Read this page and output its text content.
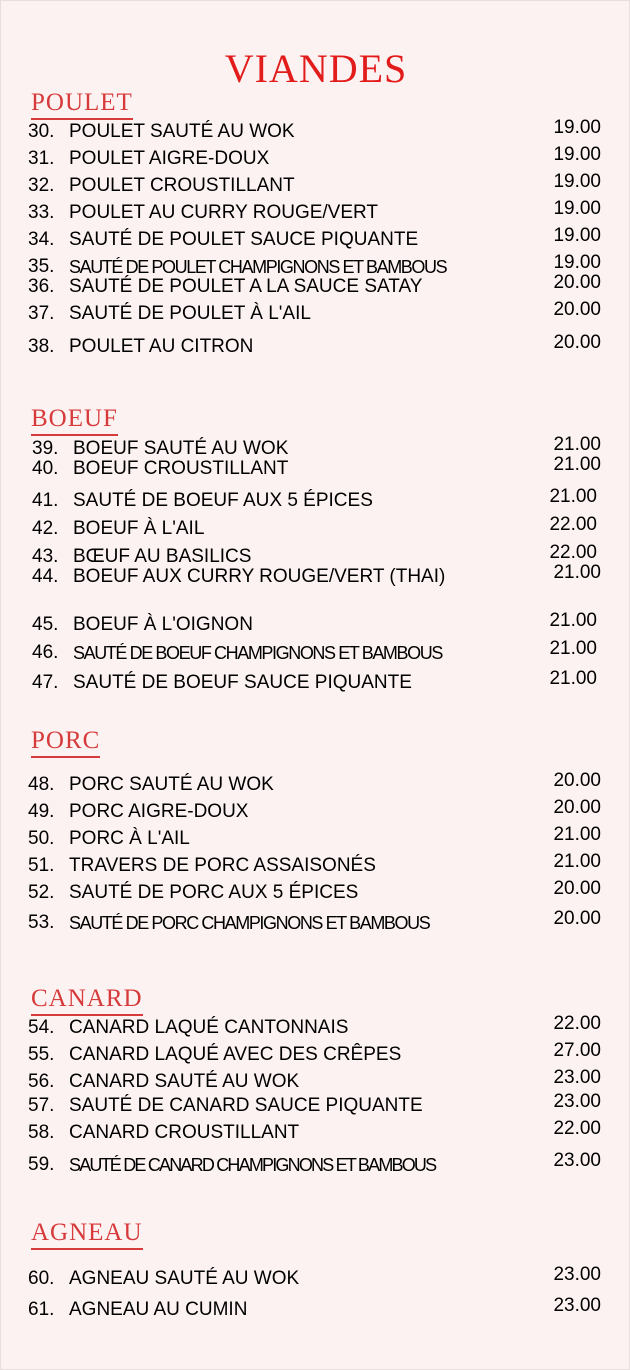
VIANDES
POULET
30. POULET SAUTÉ AU WOK	19.00
31. POULET AIGRE-DOUX	19.00
32. POULET CROUSTILLANT	19.00
33. POULET AU CURRY ROUGE/VERT	19.00
34. SAUTÉ DE POULET SAUCE PIQUANTE	19.00
35. SAUTÉ DE POULET CHAMPIGNONS ET BAMBOUS	19.00
36. SAUTÉ DE POULET A LA SAUCE SATAY	20.00
37. SAUTÉ DE POULET À L'AIL	20.00
38. POULET AU CITRON	20.00
BOEUF
39. BOEUF SAUTÉ AU WOK	21.00
40. BOEUF CROUSTILLANT	21.00
41. SAUTÉ DE BOEUF AUX 5 ÉPICES	21.00
42. BOEUF À L'AIL	22.00
43. BŒUF AU BASILICS	22.00
44. BOEUF AUX CURRY ROUGE/VERT (THAI)	21.00
45. BOEUF À L'OIGNON	21.00
46. SAUTÉ DE BOEUF CHAMPIGNONS ET BAMBOUS	21.00
47. SAUTÉ DE BOEUF SAUCE PIQUANTE	21.00
PORC
48. PORC SAUTÉ AU WOK	20.00
49. PORC AIGRE-DOUX	20.00
50. PORC À L'AIL	21.00
51. TRAVERS DE PORC ASSAISONÉS	21.00
52. SAUTÉ DE PORC AUX 5 ÉPICES	20.00
53. SAUTÉ DE PORC CHAMPIGNONS ET BAMBOUS	20.00
CANARD
54. CANARD LAQUÉ CANTONNAIS	22.00
55. CANARD LAQUÉ AVEC DES CRÊPES	27.00
56. CANARD SAUTÉ AU WOK	23.00
57. SAUTÉ DE CANARD SAUCE PIQUANTE	23.00
58. CANARD CROUSTILLANT	22.00
59. SAUTÉ DE CANARD CHAMPIGNONS ET BAMBOUS	23.00
AGNEAU
60. AGNEAU SAUTÉ AU WOK	23.00
61. AGNEAU AU CUMIN	23.00
